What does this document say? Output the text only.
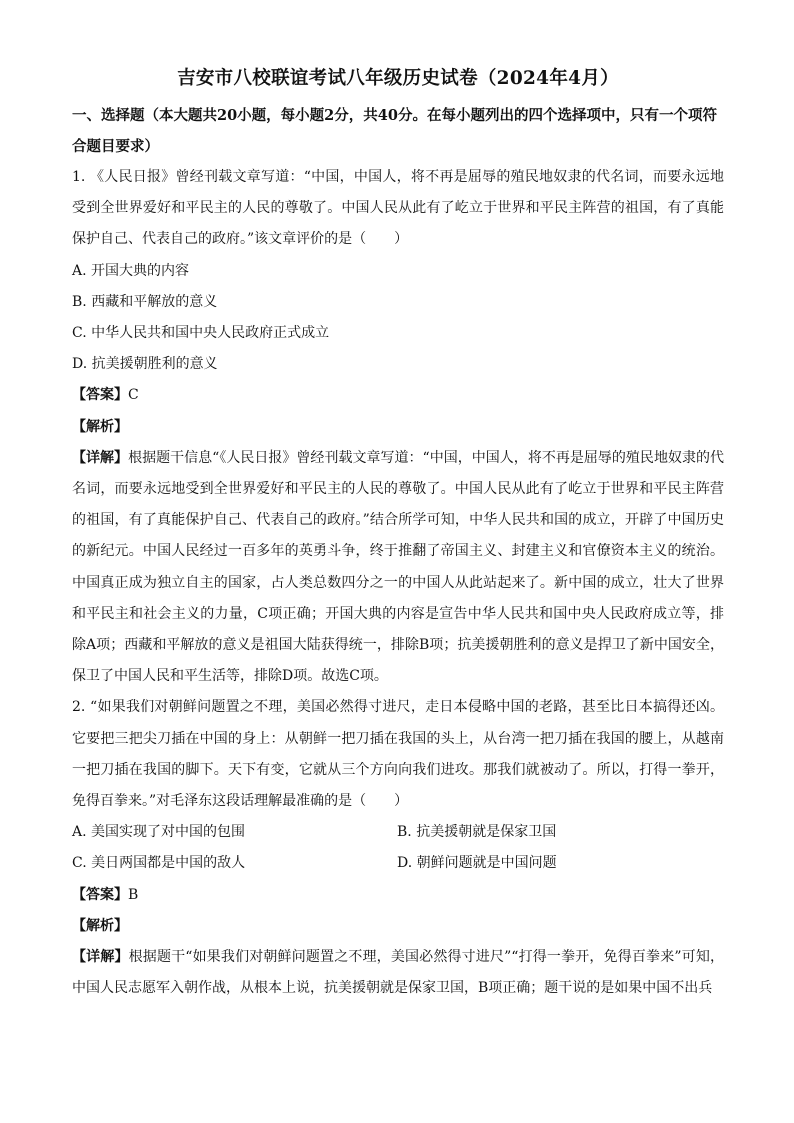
吉安市八校联谊考试八年级历史试卷（2024年4月）

一、选择题（本大题共20小题，每小题2分，共40分。在每小题列出的四个选择项中，只有一个项符合题目要求）

1. 《人民日报》曾经刊载文章写道：“中国，中国人，将不再是屈辱的殖民地奴隶的代名词，而要永远地受到全世界爱好和平民主的人民的尊敬了。中国人民从此有了屹立于世界和平民主阵营的祖国，有了真能保护自己、代表自己的政府。”该文章评价的是（　　）

A. 开国大典的内容

B. 西藏和平解放的意义

C. 中华人民共和国中央人民政府正式成立

D. 抗美援朝胜利的意义

【答案】C

【解析】

【详解】根据题干信息“《人民日报》曾经刊载文章写道：“中国，中国人，将不再是屈辱的殖民地奴隶的代名词，而要永远地受到全世界爱好和平民主的人民的尊敬了。中国人民从此有了屹立于世界和平民主阵营的祖国，有了真能保护自己、代表自己的政府。”结合所学可知，中华人民共和国的成立，开辟了中国历史的新纪元。中国人民经过一百多年的英勇斗争，终于推翻了帝国主义、封建主义和官僚资本主义的统治。中国真正成为独立自主的国家，占人类总数四分之一的中国人从此站起来了。新中国的成立，壮大了世界和平民主和社会主义的力量，C项正确；开国大典的内容是宣告中华人民共和国中央人民政府成立等，排除A项；西藏和平解放的意义是祖国大陆获得统一，排除B项；抗美援朝胜利的意义是捍卫了新中国安全，保卫了中国人民和平生活等，排除D项。故选C项。

2. “如果我们对朝鲜问题置之不理，美国必然得寸进尺，走日本侵略中国的老路，甚至比日本搞得还凶。它要把三把尖刀插在中国的身上：从朝鲜一把刀插在我国的头上，从台湾一把刀插在我国的腰上，从越南一把刀插在我国的脚下。天下有变，它就从三个方向向我们进攻。那我们就被动了。所以，打得一拳开，免得百拳来。”对毛泽东这段话理解最准确的是（　　）

A. 美国实现了对中国的包围	B. 抗美援朝就是保家卫国
C. 美日两国都是中国的敌人	D. 朝鲜问题就是中国问题

【答案】B

【解析】

【详解】根据题干“如果我们对朝鲜问题置之不理，美国必然得寸进尺”“打得一拳开，免得百拳来”可知，中国人民志愿军入朝作战，从根本上说，抗美援朝就是保家卫国，B项正确；题干说的是如果中国不出兵
